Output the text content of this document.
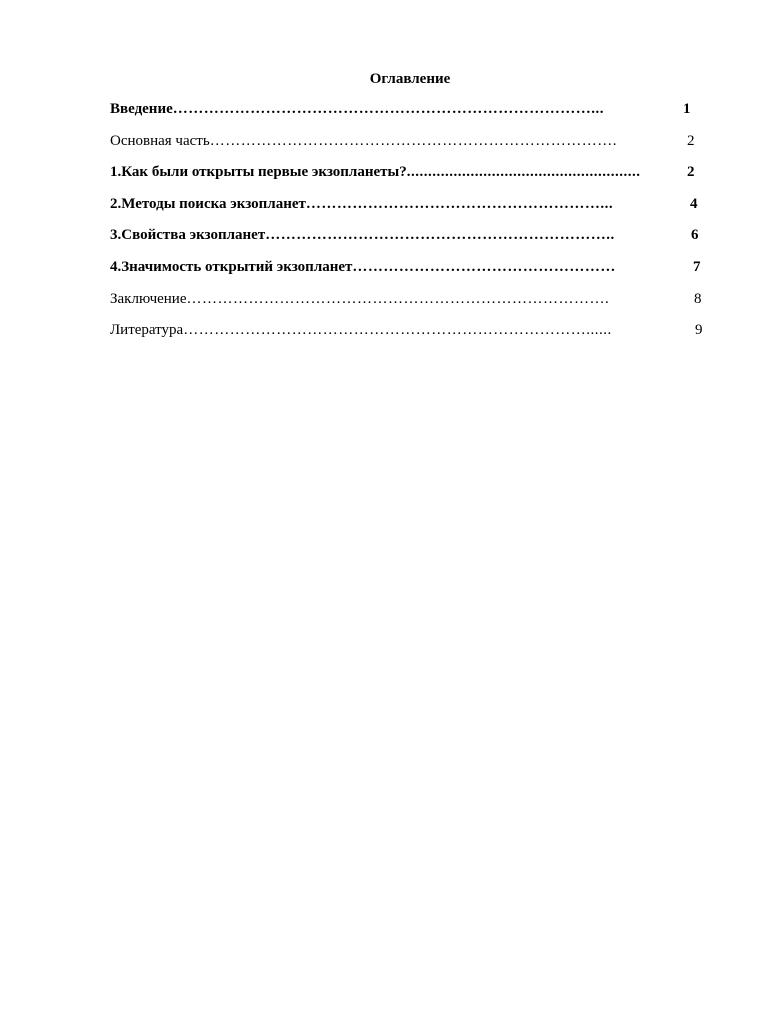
Оглавление
Введение………………………………………………………………………...	1
Основная часть…………………………………………………………………….	2
1.Как были открыты первые экзопланеты?.......................................................	2
2.Методы поиска экзопланет…………………………………………………...	4
3.Свойства экзопланет…………………………………………………………..	6
4.Значимость открытий экзопланет……………………………………………	7
Заключение……………………………………………………………………….	8
Литература……………………………………………………………………......	9
